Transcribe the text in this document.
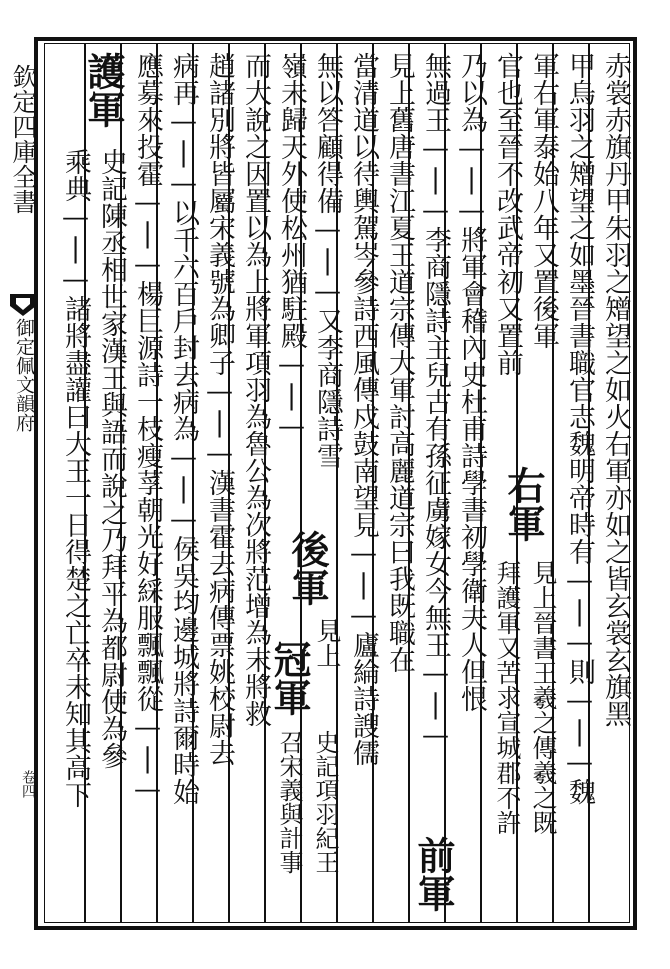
欽定四庫全書
御定佩文韻府
卷四
赤裳赤旗丹甲朱羽之矰望之如火右軍亦如之皆玄裳玄旗黑
甲烏羽之矰望之如墨晉書職官志魏明帝時有—|—則—|—魏
軍右軍泰始八年又置後軍
官也至晉不改武帝初又置前
右軍
見上晉書王羲之傳羲之既
拜護軍又苦求宣城郡不許
乃以為—|—將軍會稽內史杜甫詩學書初學衛夫人但恨
無過王—|—李商隱詩主兒古有孫征虜嫁女今無王—|—
前軍
見上舊唐書江夏王道宗傳大軍討高麗道宗曰我既職在
當清道以待輿駕岑參詩西風傳戍鼓南望見—|—廬綸詩謏儒
無以答顧得備—|—又李商隱詩雪
嶺未歸天外使松州猶駐殿—|—
後軍
見上
冠軍
史記項羽紀王
召宋義與計事
而大說之因置以為上將軍項羽為魯公為次將范增為末將救
趙諸別將皆屬宋義號為卿子—|—漢書霍去病傳票姚校尉去
病再—|—以千六百戶封去病為—|—侯吳均邊城將詩爾時始
應募來投霍—|—楊巨源詩一枝瘦莩朝光好綵服飄飄從—|—
護軍
史記陳丞相世家漢王與語而說之乃拜平為都尉使為參
乘典—|—諸將盡讙曰大王一日得楚之亡卒未知其高下
